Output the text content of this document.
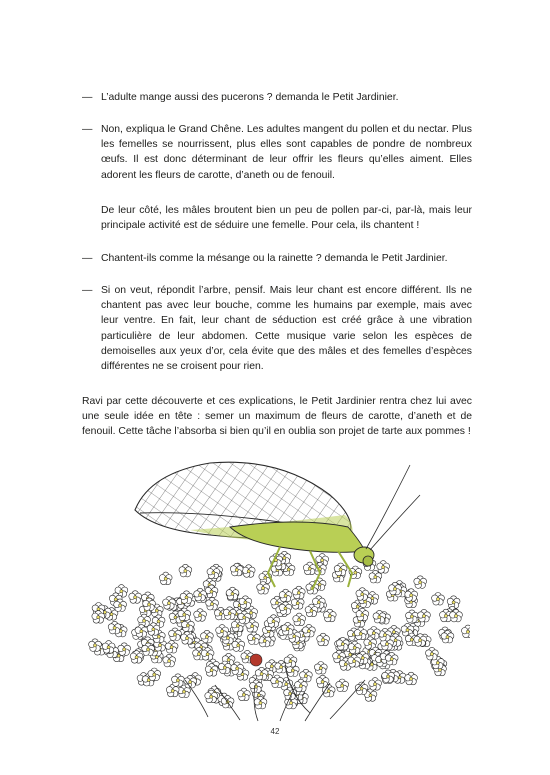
— L’adulte mange aussi des pucerons ? demanda le Petit Jardinier.
— Non, expliqua le Grand Chêne. Les adultes mangent du pollen et du nectar. Plus les femelles se nourrissent, plus elles sont capables de pondre de nombreux œufs. Il est donc déterminant de leur offrir les fleurs qu’elles aiment. Elles adorent les fleurs de carotte, d’aneth ou de fenouil.
De leur côté, les mâles broutent bien un peu de pollen par-ci, par-là, mais leur principale activité est de séduire une femelle. Pour cela, ils chantent !
— Chantent-ils comme la mésange ou la rainette ? demanda le Petit Jardinier.
— Si on veut, répondit l’arbre, pensif. Mais leur chant est encore différent. Ils ne chantent pas avec leur bouche, comme les humains par exemple, mais avec leur ventre. En fait, leur chant de séduction est créé grâce à une vibration particulière de leur abdomen. Cette musique varie selon les espèces de demoiselles aux yeux d’or, cela évite que des mâles et des femelles d’espèces différentes ne se croisent pour rien.
Ravi par cette découverte et ces explications, le Petit Jardinier rentra chez lui avec une seule idée en tête : semer un maximum de fleurs de carotte, d’aneth et de fenouil. Cette tâche l’absorba si bien qu’il en oublia son projet de tarte aux pommes !
42
